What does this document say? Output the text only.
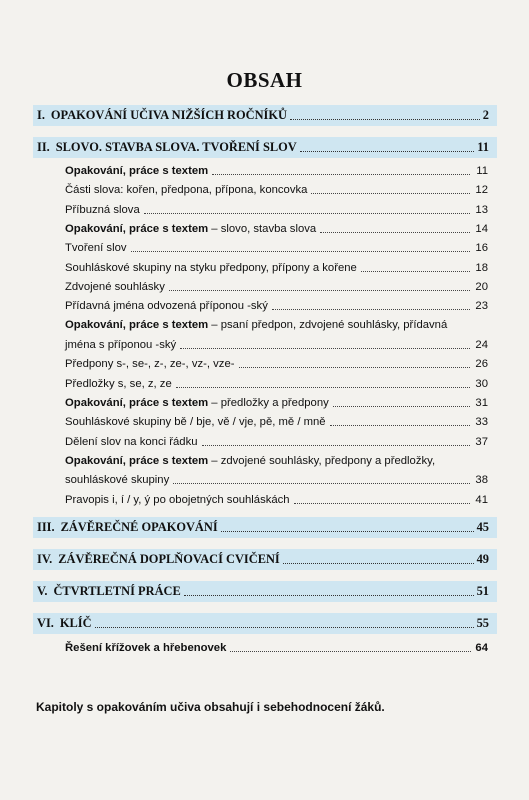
OBSAH
I. OPAKOVÁNÍ UČIVA NIŽŠÍCH ROČNÍKŮ	2
II. SLOVO. STAVBA SLOVA. TVOŘENÍ SLOV	11
Opakování, práce s textem	11
Části slova: kořen, předpona, přípona, koncovka	12
Příbuzná slova	13
Opakování, práce s textem – slovo, stavba slova	14
Tvoření slov	16
Souhláskové skupiny na styku předpony, přípony a kořene	18
Zdvojené souhlásky	20
Přídavná jména odvozená příponou -ský	23
Opakování, práce s textem – psaní předpon, zdvojené souhlásky, přídavná
jména s příponou -ský	24
Předpony s-, se-, z-, ze-, vz-, vze-	26
Předložky s, se, z, ze	30
Opakování, práce s textem – předložky a předpony	31
Souhláskové skupiny bě / bje, vě / vje, pě, mě / mně	33
Dělení slov na konci řádku	37
Opakování, práce s textem – zdvojené souhlásky, předpony a předložky,
souhláskové skupiny	38
Pravopis i, í / y, ý po obojetných souhláskách	41
III. ZÁVĚREČNÉ OPAKOVÁNÍ	45
IV. ZÁVĚREČNÁ DOPLŇOVACÍ CVIČENÍ	49
V. ČTVRTLETNÍ PRÁCE	51
VI. KLÍČ	55
Řešení křížovek a hřebenovek	64
Kapitoly s opakováním učiva obsahují i sebehodnocení žáků.
